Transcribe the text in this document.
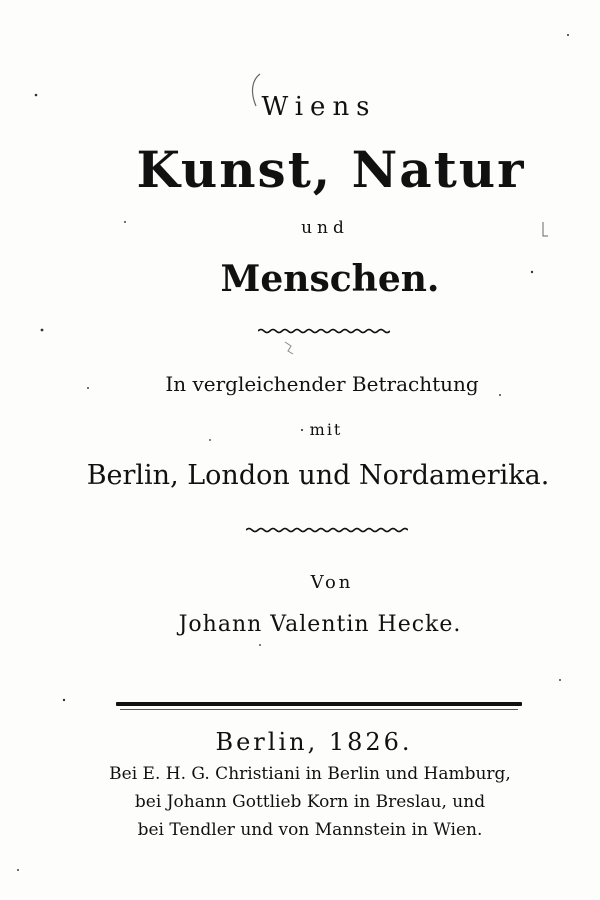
Wiens

Kunst, Natur

und

Menschen.

In vergleichender Betrachtung

mit

Berlin, London und Nordamerika.

Von

Johann Valentin Hecke.

Berlin, 1826.

Bei E. H. G. Christiani in Berlin und Hamburg,

bei Johann Gottlieb Korn in Breslau, und

bei Tendler und von Mannstein in Wien.
